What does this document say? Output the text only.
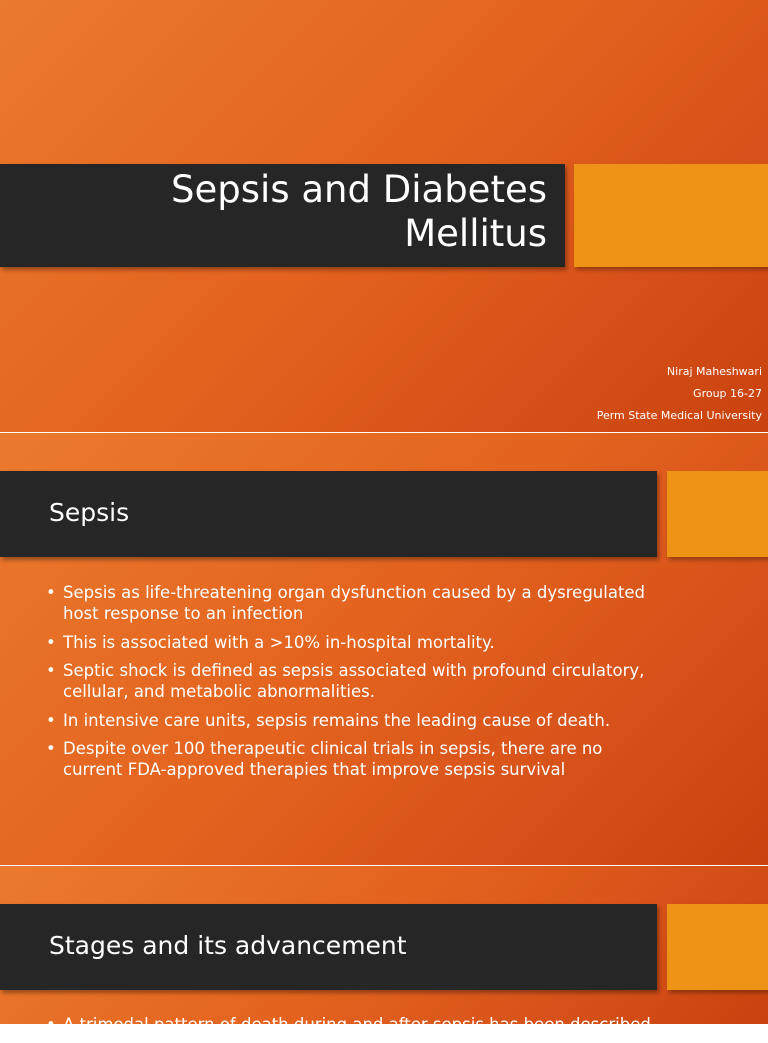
Sepsis and Diabetes
Mellitus
Niraj Maheshwari
Group 16-27
Perm State Medical University
Sepsis
• Sepsis as life-threatening organ dysfunction caused by a dysregulated host response to an infection
• This is associated with a >10% in-hospital mortality.
• Septic shock is defined as sepsis associated with profound circulatory, cellular, and metabolic abnormalities.
• In intensive care units, sepsis remains the leading cause of death.
• Despite over 100 therapeutic clinical trials in sepsis, there are no current FDA-approved therapies that improve sepsis survival
Stages and its advancement
• A trimodal pattern of death during and after sepsis has been described
